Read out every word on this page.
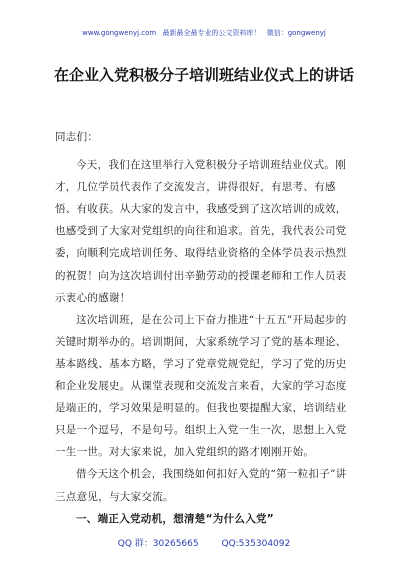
www.gongwenyj.com 最新最全最专业的公文资料库！ 微信：gongwenyj
在企业入党积极分子培训班结业仪式上的讲话

同志们：

今天，我们在这里举行入党积极分子培训班结业仪式。刚才，几位学员代表作了交流发言，讲得很好，有思考、有感悟、有收获。从大家的发言中，我感受到了这次培训的成效，也感受到了大家对党组织的向往和追求。首先，我代表公司党委，向顺利完成培训任务、取得结业资格的全体学员表示热烈的祝贺！向为这次培训付出辛勤劳动的授课老师和工作人员表示衷心的感谢！

这次培训班，是在公司上下奋力推进“十五五”开局起步的关键时期举办的。培训期间，大家系统学习了党的基本理论、基本路线、基本方略，学习了党章党规党纪，学习了党的历史和企业发展史。从课堂表现和交流发言来看，大家的学习态度是端正的，学习效果是明显的。但我也要提醒大家，培训结业只是一个逗号，不是句号。组织上入党一生一次，思想上入党一生一世。对大家来说，加入党组织的路才刚刚开始。

借今天这个机会，我围绕如何扣好入党的“第一粒扣子”讲三点意见，与大家交流。

一、端正入党动机，想清楚“为什么入党”

QQ 群：30265665	QQ:535304092
